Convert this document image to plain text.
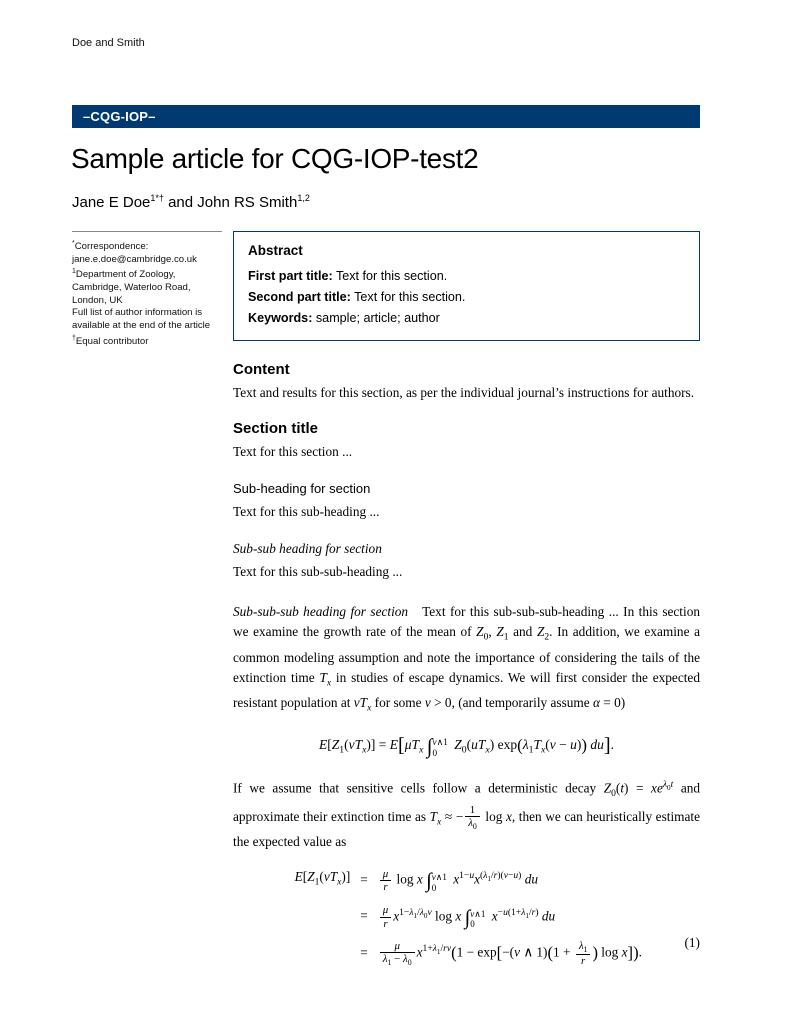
Doe and Smith
–CQG-IOP–
Sample article for CQG-IOP-test2
Jane E Doe$^{1*\dagger}$ and John RS Smith$^{1,2}$
*Correspondence:
jane.e.doe@cambridge.co.uk
$^1$Department of Zoology,
Cambridge, Waterloo Road,
London, UK
Full list of author information is
available at the end of the article
†Equal contributor
Abstract
First part title: Text for this section.
Second part title: Text for this section.
Keywords: sample; article; author
Content

Text and results for this section, as per the individual journal’s instructions for authors.

Section title

Text for this section ...

Sub-heading for section

Text for this sub-heading ...

Sub-sub heading for section

Text for this sub-sub-heading ...

Sub-sub-sub heading for section Text for this sub-sub-sub-heading ... In this section we examine the growth rate of the mean of $Z_0$, $Z_1$ and $Z_2$. In addition, we examine a common modeling assumption and note the importance of considering the tails of the extinction time $T_x$ in studies of escape dynamics. We will first consider the expected resistant population at $vT_x$ for some v > 0, (and temporarily assume α = 0)

$E[Z_1(vT_x)] = E[\mu T_x$ ∫ v∧1
0
$Z_0(uT_x) \exp(\lambda_1T_x(v - u))$ du].

If we assume that sensitive cells follow a deterministic decay $Z_0(t) = xe^{\lambda_0t}$ and approximate their extinction time as $T_x$ ≈ − $\frac{1}{\lambda_0}$ log x, then we can heuristically estimate the expected value as

$E[Z_1(vT_x)]$ =	$\frac{\mu}{r}$ log x ∫ v∧1
0
$x^{1-u}x^{(\lambda_1/r)(v-u)}$ du
=	$\frac{\mu}{r} x^{1-\lambda_1/\lambda_0v}$ log x ∫ v∧1
0
$x^{-u(1+\lambda_1/r)}$ du
=	$\frac{\mu}{\lambda_1 - \lambda_0} x^{1+\lambda_1/rv}(1 - \exp[-(v$ ∧ $1)(1 + \frac{\lambda_1}{r}$ ) log x]).
(1)
